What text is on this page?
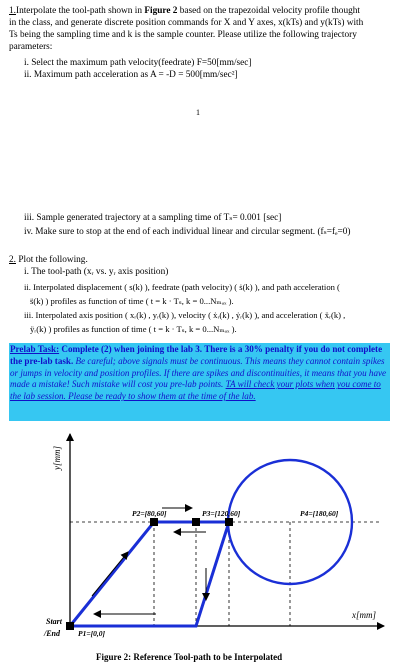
1.Interpolate the tool-path shown in Figure 2 based on the trapezoidal velocity profile thought
in the class, and generate discrete position commands for X and Y axes, x(kTs) and y(kTs) with
Ts being the sampling time and k is the sample counter. Please utilize the following trajectory
parameters:
i. Select the maximum path velocity(feedrate) F=50[mm/sec]
ii. Maximum path acceleration as A = -D = 500[mm/sec²]
1
iii. Sample generated trajectory at a sampling time of Tₛ= 0.001 [sec]
iv. Make sure to stop at the end of each individual linear and circular segment. (fₛ=fₑ=0)
2. Plot the following.
i. The tool-path (xᵣ vs. yᵣ axis position)
ii. Interpolated displacement ( s(k) ), feedrate (path velocity) ( ṡ(k) ), and path acceleration (
s̈(k) ) profiles as function of time ( t = k · Tₛ, k = 0...Nₘₐₓ ).
iii. Interpolated axis position ( xᵣ(k) , yᵣ(k) ), velocity ( ẋᵣ(k) , ẏᵣ(k) ), and acceleration ( ẍᵣ(k) ,
ÿᵣ(k) ) profiles as function of time ( t = k · Tₛ, k = 0...Nₘₐₓ ).
Prelab Task: Complete (2) when joining the lab 3. There is a 30% penalty if you do not complete the pre-lab task. Be careful; above signals must be continuous. This means they cannot contain spikes or jumps in velocity and position profiles. If there are spikes and discontinuities, it means that you have made a mistake! Such mistake will cost you pre-lab points. TA will check your plots when you come to the lab session. Please be ready to show them at the time of the lab.
y[mm]
x[mm]
P1=[0,0]
P2=[80,60]	P3=[120,60]	P4=[180,60]
Start
/End
Figure 2: Reference Tool-path to be Interpolated
